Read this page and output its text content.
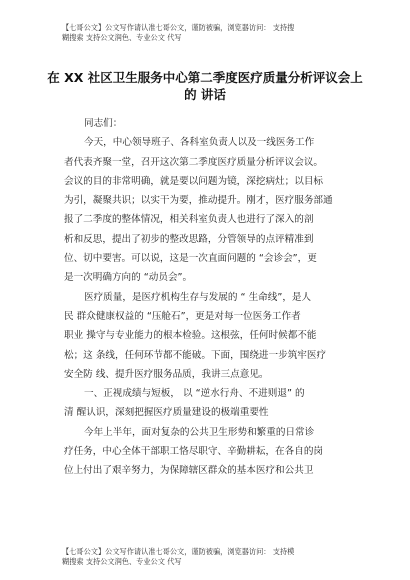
【七哥公文】公文写作请认准七哥公文，谨防被骗，浏览器访问： 支持搜
糊搜索 支持公文润色、专业公文 代写
在 XX 社区卫生服务中心第二季度医疗质量分析评议会上
的 讲话
同志们：
今天，中心领导班子、各科室负责人以及一线医务工作
者代表齐聚一堂，召开这次第二季度医疗质量分析评议会议。
会议的目的非常明确，就是要以问题为镜，深挖病灶；以目标
为引，凝聚共识；以实干为要，推动提升。刚才，医疗服务部通
报了二季度的整体情况，相关科室负责人也进行了深入的剖
析和反思，提出了初步的整改思路，分管领导的点评精准到
位、切中要害。可以说，这是一次直面问题的 “会诊会”，更
是一次明确方向的 “动员会”。
医疗质量，是医疗机构生存与发展的 “ 生命线”，是人
民 群众健康权益的 “压舱石”，更是对每一位医务工作者
职业 操守与专业能力的根本检验。这根弦，任何时候都不能
松；这 条线，任何环节都不能破。下面，围绕进一步筑牢医疗
安全防 线、提升医疗服务品质，我讲三点意见。
一、正视成绩与短板， 以 “逆水行舟、不进则退” 的
清 醒认识，深刻把握医疗质量建设的极端重要性
今年上半年，面对复杂的公共卫生形势和繁重的日常诊
疗任务，中心全体干部职工恪尽职守、辛勤耕耘，在各自的岗
位上付出了艰辛努力，为保障辖区群众的基本医疗和公共卫
【七哥公文】公文写作请认准七哥公文，谨防被骗，浏览器访问： 支持模
糊搜索 支持公文润色、专业公文 代写
